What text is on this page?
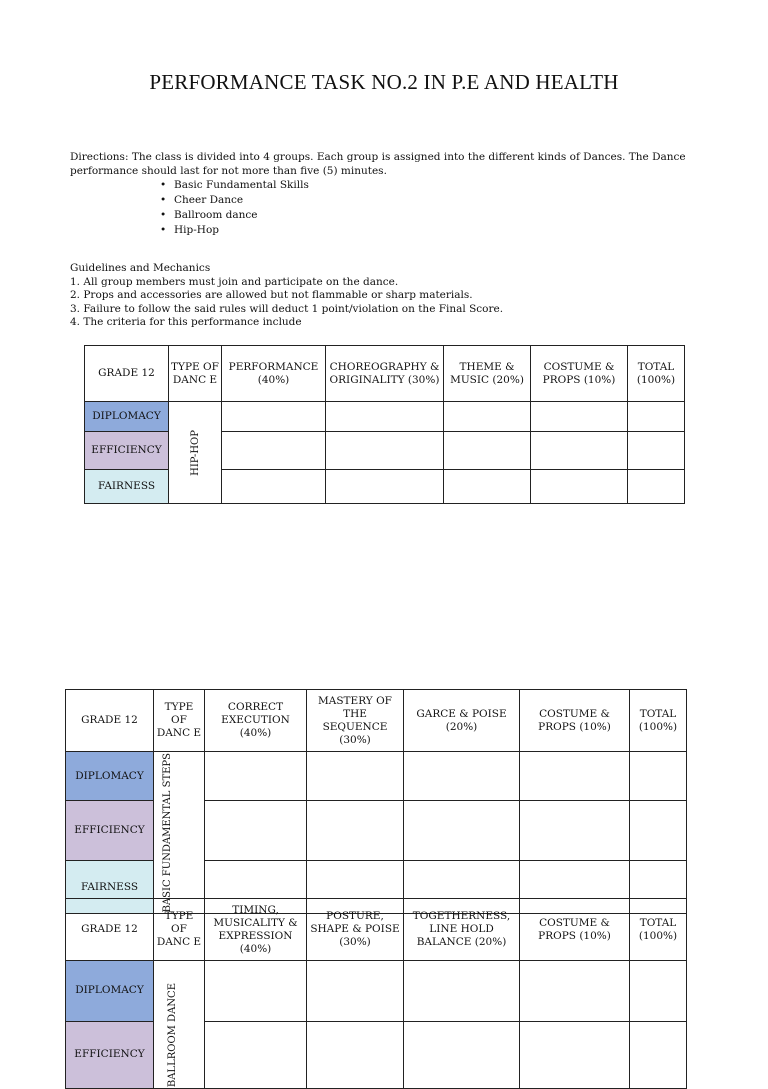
PERFORMANCE TASK NO.2 IN P.E AND HEALTH
Directions: The class is divided into 4 groups. Each group is assigned into the different kinds of Dances. The Dance performance should last for not more than five (5) minutes.
• Basic Fundamental Skills
• Cheer Dance
• Ballroom dance
• Hip-Hop
Guidelines and Mechanics
1. All group members must join and participate on the dance.
2. Props and accessories are allowed but not flammable or sharp materials.
3. Failure to follow the said rules will deduct 1 point/violation on the Final Score.
4. The criteria for this performance include
GRADE 12	TYPE OF DANC E	PERFORMANCE (40%)	CHOREOGRAPHY & ORIGINALITY (30%)	THEME & MUSIC (20%)	COSTUME & PROPS (10%)	TOTAL (100%)
DIPLOMACY	HIP-HOP					

EFFICIENCY						
FAIRNESS						
GRADE 12	TYPE OF DANC E	CORRECT EXECUTION (40%)	MASTERY OF THE SEQUENCE (30%)	GARCE & POISE (20%)	COSTUME & PROPS (10%)	TOTAL (100%)
DIPLOMACY	BASIC FUNDAMENTAL STEPS					

EFFICIENCY						
FAIRNESS						
GRADE 12	TYPE OF DANC E	TIMING, MUSICALITY & EXPRESSION (40%)	POSTURE, SHAPE & POISE (30%)	TOGETHERNESS, LINE HOLD BALANCE (20%)	COSTUME & PROPS (10%)	TOTAL (100%)
DIPLOMACY	BALLROOM DANCE					

EFFICIENCY						
